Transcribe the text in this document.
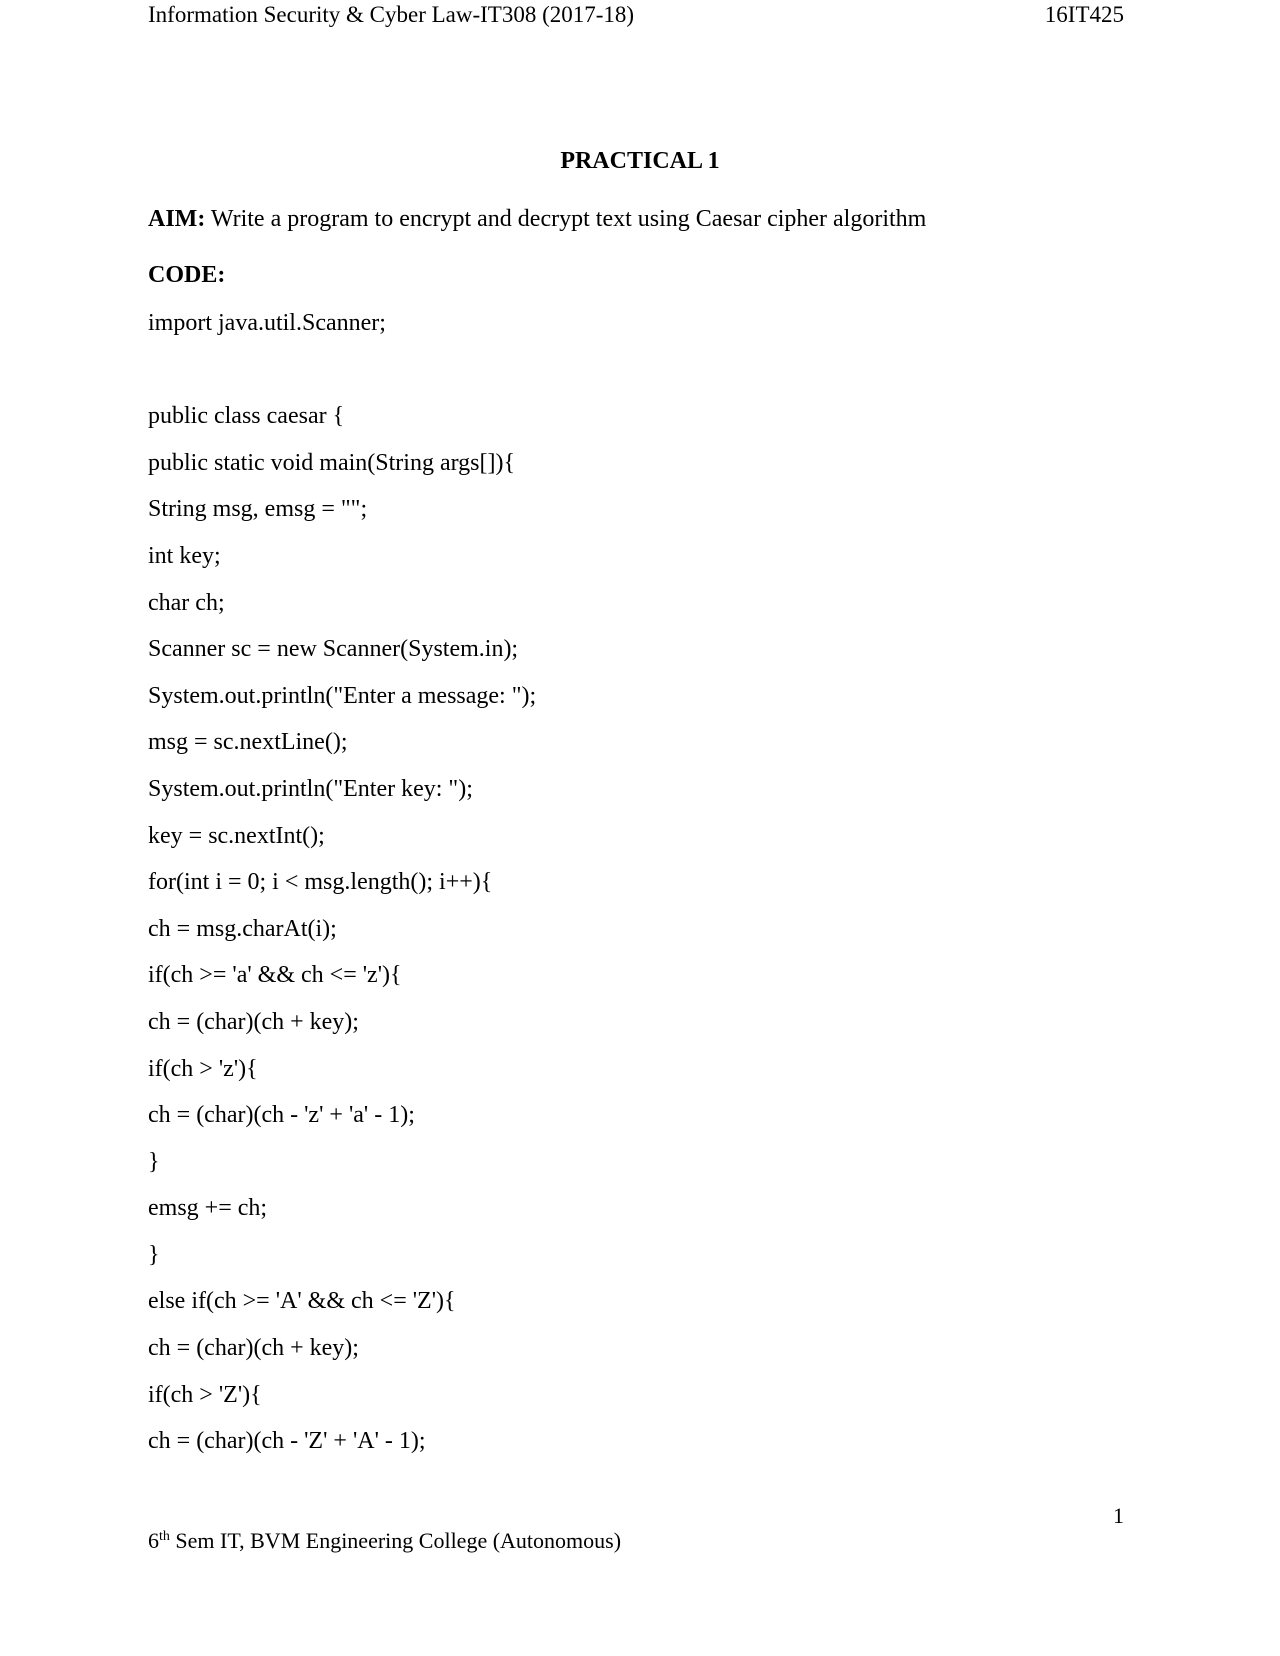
Information Security & Cyber Law-IT308 (2017-18)	16IT425
PRACTICAL 1
AIM: Write a program to encrypt and decrypt text using Caesar cipher algorithm
CODE:
import java.util.Scanner;
public class caesar {
public static void main(String args[]){
String msg, emsg = "";
int key;
char ch;
Scanner sc = new Scanner(System.in);
System.out.println("Enter a message: ");
msg = sc.nextLine();
System.out.println("Enter key: ");
key = sc.nextInt();
for(int i = 0; i < msg.length(); i++){
ch = msg.charAt(i);
if(ch >= 'a' && ch <= 'z'){
ch = (char)(ch + key);
if(ch > 'z'){
ch = (char)(ch - 'z' + 'a' - 1);
}
emsg += ch;
}
else if(ch >= 'A' && ch <= 'Z'){
ch = (char)(ch + key);
if(ch > 'Z'){
ch = (char)(ch - 'Z' + 'A' - 1);
1
6th Sem IT, BVM Engineering College (Autonomous)
